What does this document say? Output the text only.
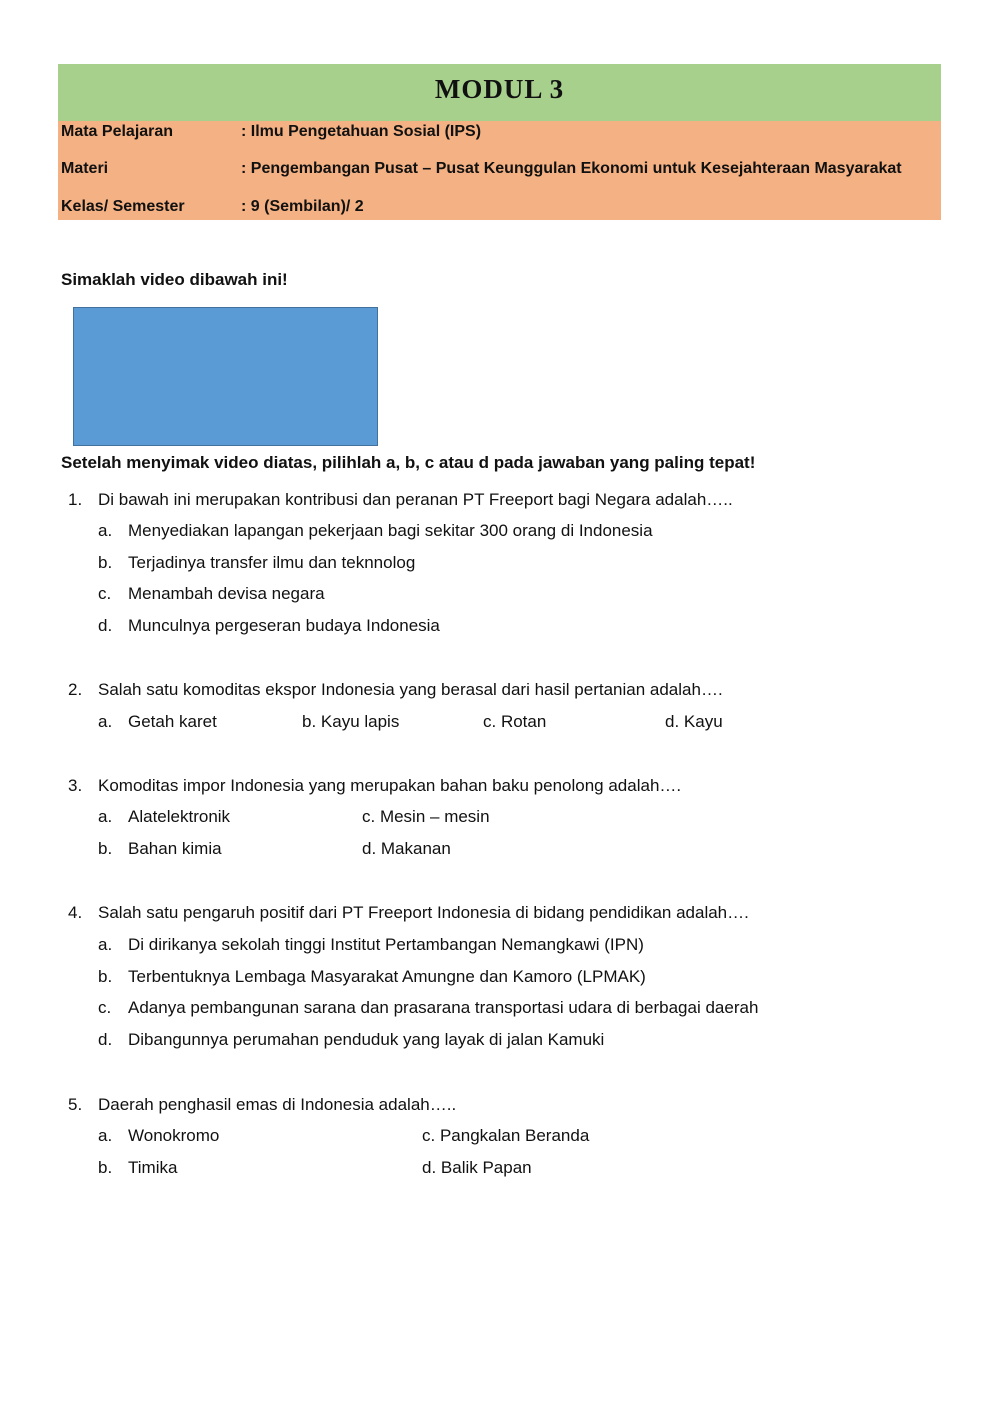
MODUL 3
Mata Pelajaran	: Ilmu Pengetahuan Sosial (IPS)
Materi	: Pengembangan Pusat – Pusat Keunggulan Ekonomi untuk Kesejahteraan Masyarakat
Kelas/ Semester	: 9 (Sembilan)/ 2
Simaklah video dibawah ini!
Setelah menyimak video diatas, pilihlah a, b, c atau d pada jawaban yang paling tepat!
1. Di bawah ini merupakan kontribusi dan peranan PT Freeport bagi Negara adalah…..
a. Menyediakan lapangan pekerjaan bagi sekitar 300 orang di Indonesia
b. Terjadinya transfer ilmu dan teknnolog
c. Menambah devisa negara
d. Munculnya pergeseran budaya Indonesia
2. Salah satu komoditas ekspor Indonesia yang berasal dari hasil pertanian adalah….
a. Getah karet	b. Kayu lapis	c. Rotan	d. Kayu
3. Komoditas impor Indonesia yang merupakan bahan baku penolong adalah….
a. Alatelektronik	c. Mesin – mesin
b. Bahan kimia	d. Makanan
4. Salah satu pengaruh positif dari PT Freeport Indonesia di bidang pendidikan adalah….
a. Di dirikanya sekolah tinggi Institut Pertambangan Nemangkawi (IPN)
b. Terbentuknya Lembaga Masyarakat Amungne dan Kamoro (LPMAK)
c. Adanya pembangunan sarana dan prasarana transportasi udara di berbagai daerah
d. Dibangunnya perumahan penduduk yang layak di jalan Kamuki
5. Daerah penghasil emas di Indonesia adalah…..
a. Wonokromo	c. Pangkalan Beranda
b. Timika	d. Balik Papan
